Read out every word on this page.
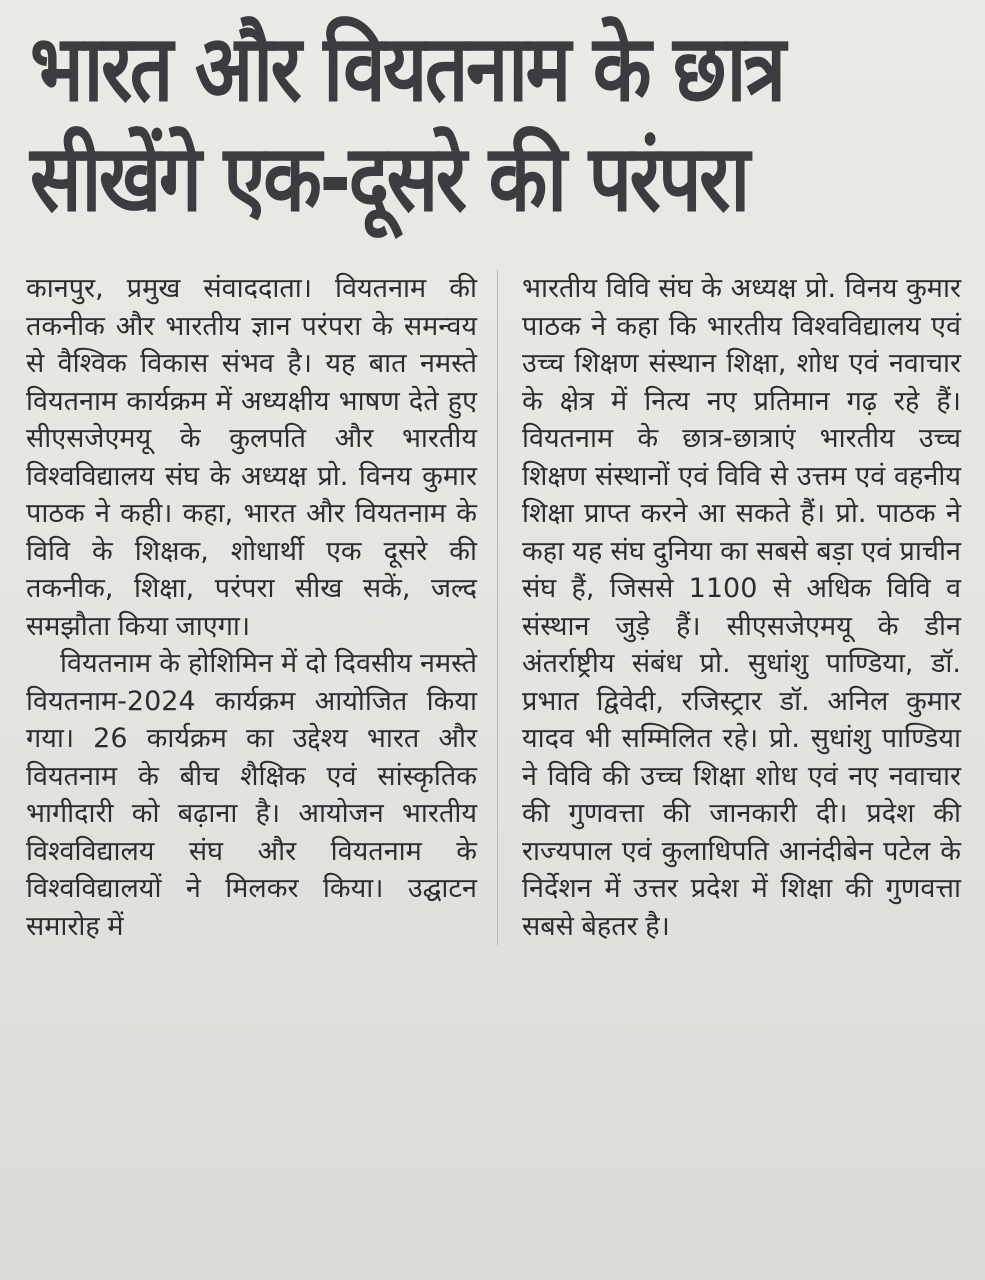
भारत और वियतनाम के छात्र
सीखेंगे एक-दूसरे की परंपरा

कानपुर, प्रमुख संवाददाता। वियतनाम की तकनीक और भारतीय ज्ञान परंपरा के समन्वय से वैश्विक विकास संभव है। यह बात नमस्ते वियतनाम कार्यक्रम में अध्यक्षीय भाषण देते हुए सीएसजेएमयू के कुलपति और भारतीय विश्वविद्यालय संघ के अध्यक्ष प्रो. विनय कुमार पाठक ने कही। कहा, भारत और वियतनाम के विवि के शिक्षक, शोधार्थी एक दूसरे की तकनीक, शिक्षा, परंपरा सीख सकें, जल्द समझौता किया जाएगा।

वियतनाम के होशिमिन में दो दिवसीय नमस्ते वियतनाम-2024 कार्यक्रम आयोजित किया गया। 26 कार्यक्रम का उद्देश्य भारत और वियतनाम के बीच शैक्षिक एवं सांस्कृतिक भागीदारी को बढ़ाना है। आयोजन भारतीय विश्वविद्यालय संघ और वियतनाम के विश्वविद्यालयों ने मिलकर किया। उद्घाटन समारोह में

भारतीय विवि संघ के अध्यक्ष प्रो. विनय कुमार पाठक ने कहा कि भारतीय विश्वविद्यालय एवं उच्च शिक्षण संस्थान शिक्षा, शोध एवं नवाचार के क्षेत्र में नित्य नए प्रतिमान गढ़ रहे हैं। वियतनाम के छात्र-छात्राएं भारतीय उच्च शिक्षण संस्थानों एवं विवि से उत्तम एवं वहनीय शिक्षा प्राप्त करने आ सकते हैं। प्रो. पाठक ने कहा यह संघ दुनिया का सबसे बड़ा एवं प्राचीन संघ हैं, जिससे 1100 से अधिक विवि व संस्थान जुड़े हैं। सीएसजेएमयू के डीन अंतर्राष्ट्रीय संबंध प्रो. सुधांशु पाण्डिया, डॉ. प्रभात द्विवेदी, रजिस्ट्रार डॉ. अनिल कुमार यादव भी सम्मिलित रहे। प्रो. सुधांशु पाण्डिया ने विवि की उच्च शिक्षा शोध एवं नए नवाचार की गुणवत्ता की जानकारी दी। प्रदेश की राज्यपाल एवं कुलाधिपति आनंदीबेन पटेल के निर्देशन में उत्तर प्रदेश में शिक्षा की गुणवत्ता सबसे बेहतर है।
